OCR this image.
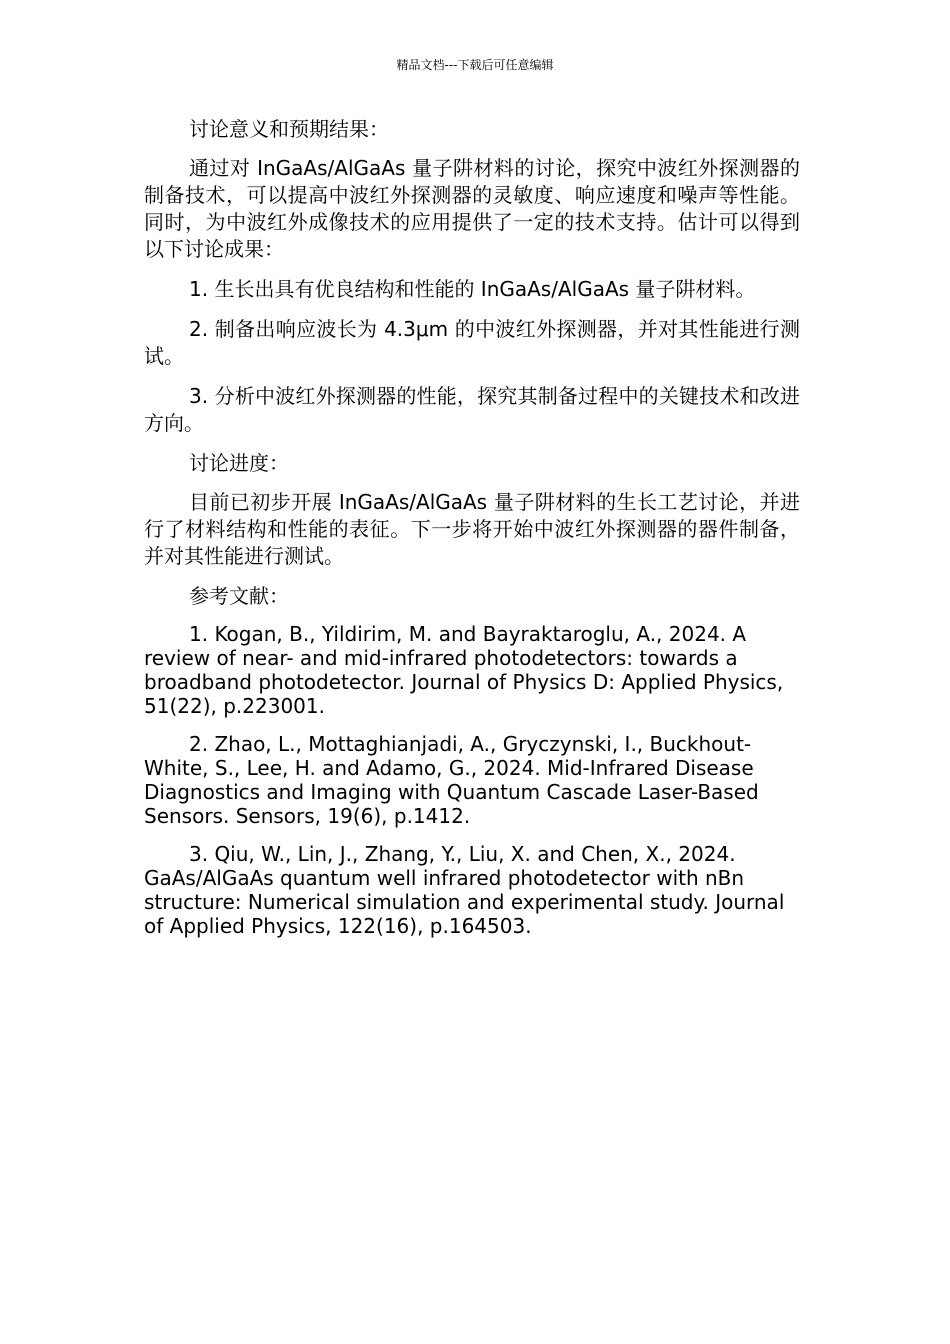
精品文档---下载后可任意编辑

讨论意义和预期结果：

通过对 InGaAs/AlGaAs 量子阱材料的讨论，探究中波红外探测器的制备技术，可以提高中波红外探测器的灵敏度、响应速度和噪声等性能。同时，为中波红外成像技术的应用提供了一定的技术支持。估计可以得到以下讨论成果：

1. 生长出具有优良结构和性能的 InGaAs/AlGaAs 量子阱材料。

2. 制备出响应波长为 4.3μm 的中波红外探测器，并对其性能进行测试。

3. 分析中波红外探测器的性能，探究其制备过程中的关键技术和改进方向。

讨论进度：

目前已初步开展 InGaAs/AlGaAs 量子阱材料的生长工艺讨论，并进行了材料结构和性能的表征。下一步将开始中波红外探测器的器件制备，并对其性能进行测试。

参考文献：

1. Kogan, B., Yildirim, M. and Bayraktaroglu, A., 2024. A review of near- and mid-infrared photodetectors: towards a broadband photodetector. Journal of Physics D: Applied Physics, 51(22), p.223001.

2. Zhao, L., Mottaghianjadi, A., Gryczynski, I., Buckhout-White, S., Lee, H. and Adamo, G., 2024. Mid-Infrared Disease Diagnostics and Imaging with Quantum Cascade Laser-Based Sensors. Sensors, 19(6), p.1412.

3. Qiu, W., Lin, J., Zhang, Y., Liu, X. and Chen, X., 2024. GaAs/AlGaAs quantum well infrared photodetector with nBn structure: Numerical simulation and experimental study. Journal of Applied Physics, 122(16), p.164503.
